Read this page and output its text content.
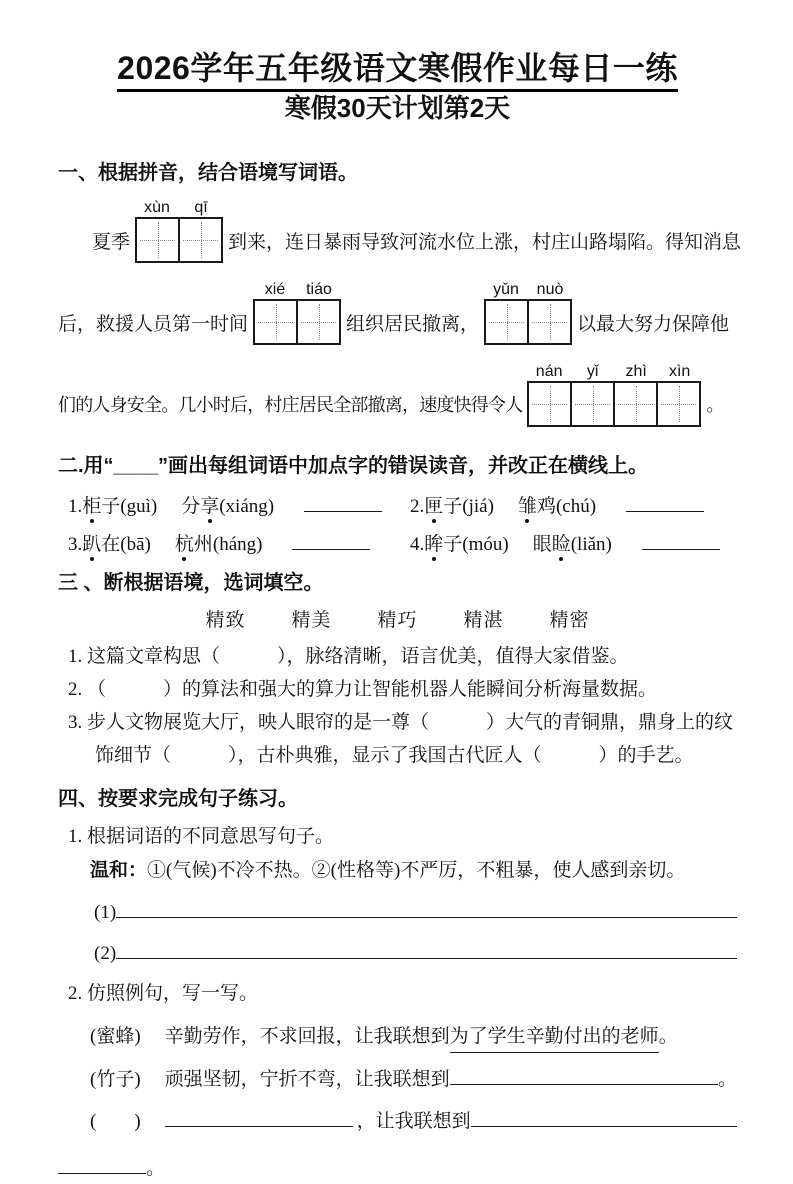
2026学年五年级语文寒假作业每日一练
寒假30天计划第2天
一、根据拼音，结合语境写词语。
夏季
xùn	qī
到来，连日暴雨导致河流水位上涨，村庄山路塌陷。得知消息
后，救援人员第一时间
xié	tiáo
组织居民撤离，
yǔn	nuò
以最大努力保障他
们的人身安全。几小时后，村庄居民全部撤离，速度快得令人
nán	yǐ	zhì	xìn
。
二.用“____”画出每组词语中加点字的错误读音，并改正在横线上。
1. 柜子(guì) 分享(xiáng)	2. 匣子(jiá) 雏鸡(chú)
3. 趴在(bā) 杭州(háng)	4. 眸子(móu) 眼睑(liǎn)
三 、断根据语境，选词填空。
精致 精美 精巧 精湛 精密
1. 这篇文章构思（　　　），脉络清晰，语言优美，值得大家借鉴。
2. （　　　）的算法和强大的算力让智能机器人能瞬间分析海量数据。
3. 步人文物展览大厅，映人眼帘的是一尊（　　　）大气的青铜鼎，鼎身上的纹饰细节（　　　），古朴典雅，显示了我国古代匠人（　　　）的手艺。
四、按要求完成句子练习。
1. 根据词语的不同意思写句子。
温和：①(气候)不冷不热。②(性格等)不严厉，不粗暴，使人感到亲切。
(1)
(2)
2. 仿照例句，写一写。
(蜜蜂) 辛勤劳作，不求回报，让我联想到 为了学生辛勤付出的老师 。
(竹子) 顽强坚韧，宁折不弯，让我联想到	。
(　　)	，让我联想到
。
